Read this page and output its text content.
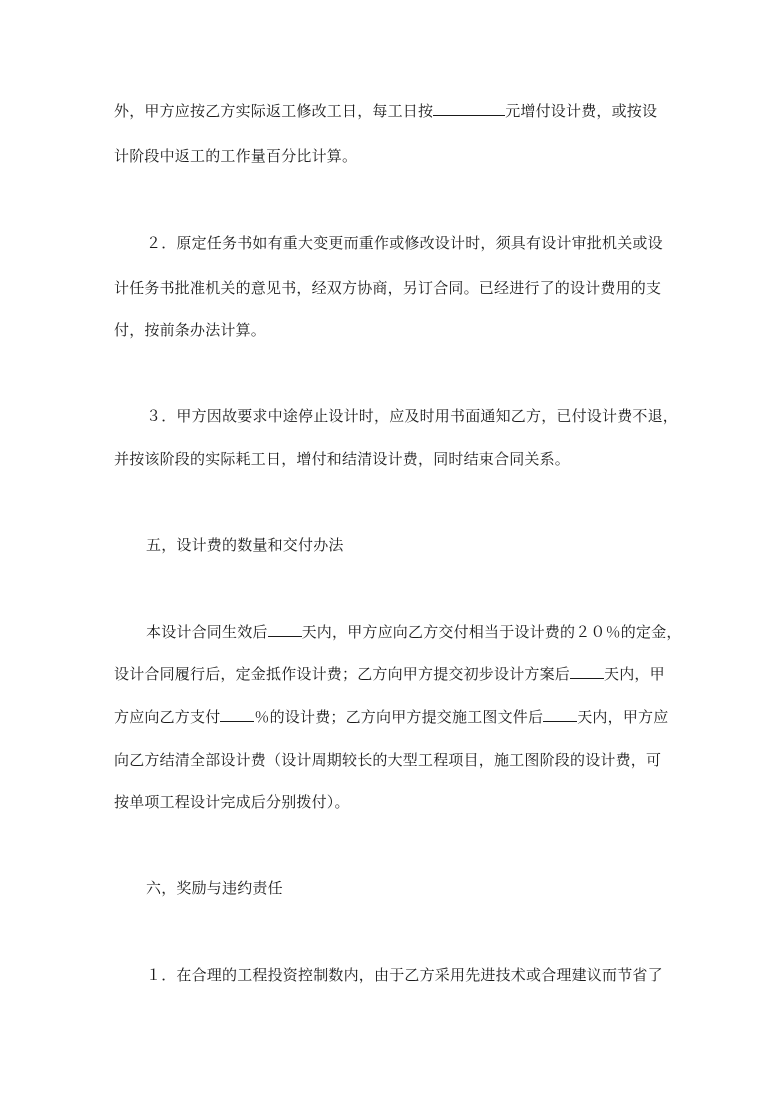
外，甲方应按乙方实际返工修改工日，每工日按	元增付设计费，或按设
计阶段中返工的工作量百分比计算。
２．原定任务书如有重大变更而重作或修改设计时，须具有设计审批机关或设
计任务书批准机关的意见书，经双方协商，另订合同。已经进行了的设计费用的支
付，按前条办法计算。
３．甲方因故要求中途停止设计时，应及时用书面通知乙方，已付设计费不退，
并按该阶段的实际耗工日，增付和结清设计费，同时结束合同关系。
五，设计费的数量和交付办法
本设计合同生效后 天内，甲方应向乙方交付相当于设计费的２０％的定金，
设计合同履行后，定金抵作设计费；乙方向甲方提交初步设计方案后 天内，甲
方应向乙方支付 ％的设计费；乙方向甲方提交施工图文件后 天内，甲方应
向乙方结清全部设计费（设计周期较长的大型工程项目，施工图阶段的设计费，可
按单项工程设计完成后分别拨付）。
六，奖励与违约责任
１．在合理的工程投资控制数内，由于乙方采用先进技术或合理建议而节省了
